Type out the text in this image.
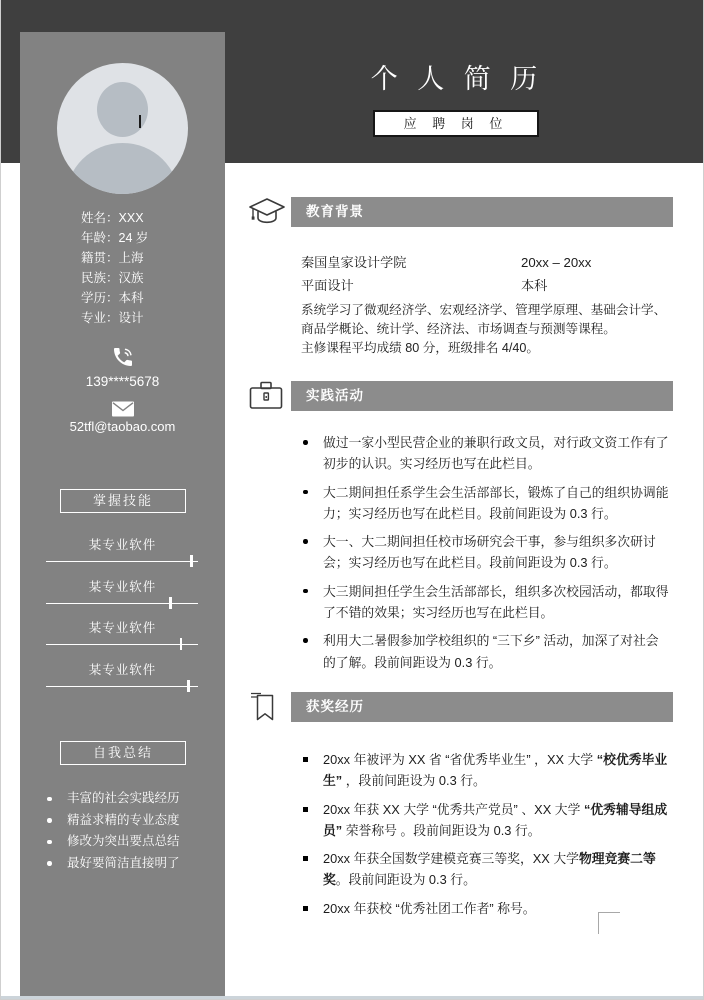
个 人 简 历
应 聘 岗 位
姓名：XXX
年龄：24 岁
籍贯：上海
民族：汉族
学历：本科
专业：设计
139****5678
52tfl@taobao.com
掌握技能
某专业软件
某专业软件
某专业软件
某专业软件
自我总结
丰富的社会实践经历
精益求精的专业态度
修改为突出要点总结
最好要简洁直接明了
教育背景
秦国皇家设计学院	20xx – 20xx
平面设计	本科
系统学习了微观经济学、宏观经济学、管理学原理、基础会计学、
商品学概论、统计学、经济法、市场调查与预测等课程。
主修课程平均成绩 80 分，班级排名 4/40。
实践活动
做过一家小型民营企业的兼职行政文员，对行政文资工作有了初步的认识。实习经历也写在此栏目。
大二期间担任系学生会生活部部长，锻炼了自己的组织协调能力；实习经历也写在此栏目。段前间距设为 0.3 行。
大一、大二期间担任校市场研究会干事，参与组织多次研讨会；实习经历也写在此栏目。段前间距设为 0.3 行。
大三期间担任学生会生活部部长，组织多次校园活动，都取得了不错的效果；实习经历也写在此栏目。
利用大二暑假参加学校组织的 “三下乡” 活动，加深了对社会的了解。段前间距设为 0.3 行。
获奖经历
20xx 年被评为 XX 省 “省优秀毕业生” ，XX 大学 “校优秀毕业生” ，段前间距设为 0.3 行。
20xx 年获 XX 大学 “优秀共产党员” 、XX 大学 “优秀辅导组成员” 荣誉称号 。段前间距设为 0.3 行。
20xx 年获全国数学建模竞赛三等奖，XX 大学物理竞赛二等奖。段前间距设为 0.3 行。
20xx 年获校 “优秀社团工作者” 称号。
